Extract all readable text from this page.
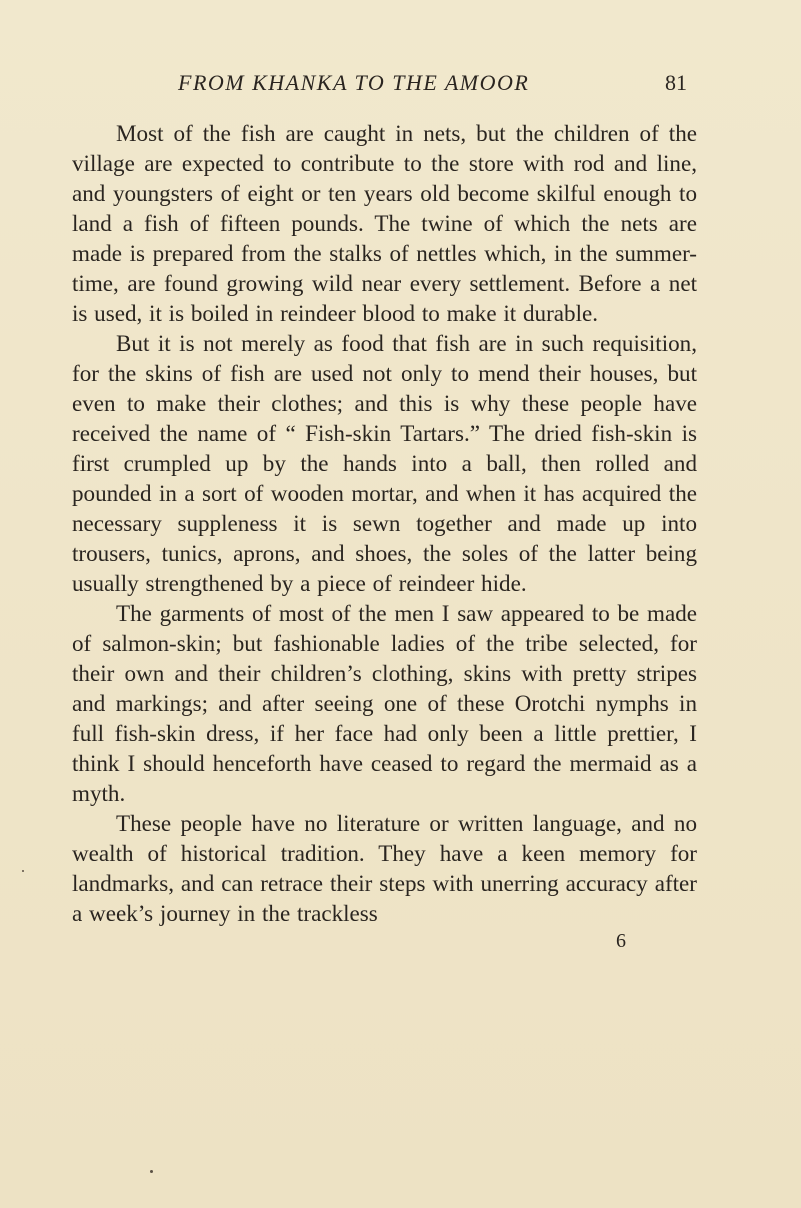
FROM KHANKA TO THE AMOOR	81

Most of the fish are caught in nets, but the children of the village are expected to contribute to the store with rod and line, and youngsters of eight or ten years old become skilful enough to land a fish of fifteen pounds. The twine of which the nets are made is prepared from the stalks of nettles which, in the summer-time, are found growing wild near every settlement. Before a net is used, it is boiled in reindeer blood to make it durable.

But it is not merely as food that fish are in such requisition, for the skins of fish are used not only to mend their houses, but even to make their clothes; and this is why these people have received the name of “ Fish-skin Tartars.” The dried fish-skin is first crumpled up by the hands into a ball, then rolled and pounded in a sort of wooden mortar, and when it has acquired the necessary suppleness it is sewn together and made up into trousers, tunics, aprons, and shoes, the soles of the latter being usually strengthened by a piece of reindeer hide.

The garments of most of the men I saw appeared to be made of salmon-skin; but fashionable ladies of the tribe selected, for their own and their children’s clothing, skins with pretty stripes and markings; and after seeing one of these Orotchi nymphs in full fish-skin dress, if her face had only been a little prettier, I think I should henceforth have ceased to regard the mermaid as a myth.

These people have no literature or written language, and no wealth of historical tradition. They have a keen memory for landmarks, and can retrace their steps with unerring accuracy after a week’s journey in the trackless

6
